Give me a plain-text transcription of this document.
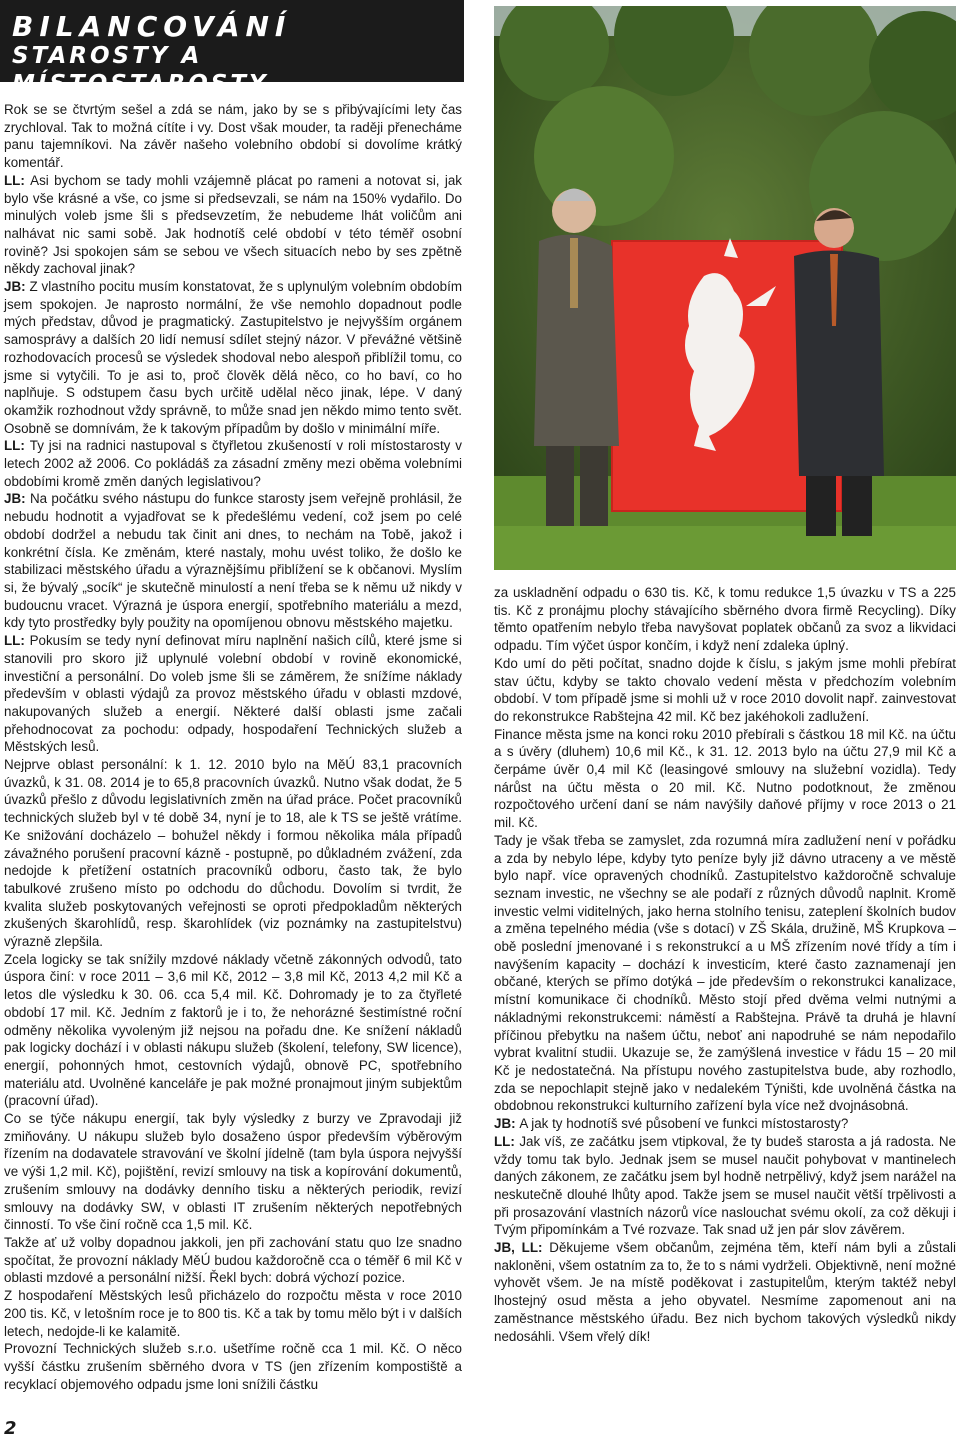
BILANCOVÁNÍ
STAROSTY A MÍSTOSTAROSTY

Rok se se čtvrtým sešel a zdá se nám, jako by se s přibývajícími lety čas zrychloval. Tak to možná cítíte i vy. Dost však mouder, ta raději přenecháme panu tajemníkovi. Na závěr našeho volebního období si dovolíme krátký komentář.

LL: Asi bychom se tady mohli vzájemně plácat po rameni a notovat si, jak bylo vše krásné a vše, co jsme si předsevzali, se nám na 150% vydařilo. Do minulých voleb jsme šli s předsevzetím, že nebudeme lhát voličům ani nalhávat nic sami sobě. Jak hodnotíš celé období v této téměř osobní rovině? Jsi spokojen sám se sebou ve všech situacích nebo by ses zpětně někdy zachoval jinak?

JB: Z vlastního pocitu musím konstatovat, že s uplynulým volebním obdobím jsem spokojen. Je naprosto normální, že vše nemohlo dopadnout podle mých představ, důvod je pragmatický. Zastupitelstvo je nejvyšším orgánem samosprávy a dalších 20 lidí nemusí sdílet stejný názor. V převážné většině rozhodovacích procesů se výsledek shodoval nebo alespoň přiblížil tomu, co jsme si vytyčili. To je asi to, proč člověk dělá něco, co ho baví, co ho naplňuje. S odstupem času bych určitě udělal něco jinak, lépe. V daný okamžik rozhodnout vždy správně, to může snad jen někdo mimo tento svět. Osobně se domnívám, že k takovým případům by došlo v minimální míře.

LL: Ty jsi na radnici nastupoval s čtyřletou zkušeností v roli místostarosty v letech 2002 až 2006. Co pokládáš za zásadní změny mezi oběma volebními obdobími kromě změn daných legislativou?

JB: Na počátku svého nástupu do funkce starosty jsem veřejně prohlásil, že nebudu hodnotit a vyjadřovat se k předešlému vedení, což jsem po celé období dodržel a nebudu tak činit ani dnes, to nechám na Tobě, jakož i konkrétní čísla. Ke změnám, které nastaly, mohu uvést toliko, že došlo ke stabilizaci městského úřadu a výraznějšímu přiblížení se k občanovi. Myslím si, že bývalý „socík“ je skutečně minulostí a není třeba se k němu už nikdy v budoucnu vracet. Výrazná je úspora energií, spotřebního materiálu a mezd, kdy tyto prostředky byly použity na opomíjenou obnovu městského majetku.

LL: Pokusím se tedy nyní definovat míru naplnění našich cílů, které jsme si stanovili pro skoro již uplynulé volební období v rovině ekonomické, investiční a personální. Do voleb jsme šli se záměrem, že snížíme náklady především v oblasti výdajů za provoz městského úřadu v oblasti mzdové, nakupovaných služeb a energií. Některé další oblasti jsme začali přehodnocovat za pochodu: odpady, hospodaření Technických služeb a Městských lesů.

Nejprve oblast personální: k 1. 12. 2010 bylo na MěÚ 83,1 pracovních úvazků, k 31. 08. 2014 je to 65,8 pracovních úvazků. Nutno však dodat, že 5 úvazků přešlo z důvodu legislativních změn na úřad práce. Počet pracovníků technických služeb byl v té době 34, nyní je to 18, ale k TS se ještě vrátíme. Ke snižování docházelo – bohužel někdy i formou několika mála případů závažného porušení pracovní kázně - postupně, po důkladném zvážení, zda nedojde k přetížení ostatních pracovníků odboru, často tak, že bylo tabulkové zrušeno místo po odchodu do důchodu. Dovolím si tvrdit, že kvalita služeb poskytovaných veřejnosti se oproti předpokladům některých zkušených škarohlídů, resp. škarohlídek (viz poznámky na zastupitelstvu) výrazně zlepšila.

Zcela logicky se tak snížily mzdové náklady včetně zákonných odvodů, tato úspora činí: v roce 2011 – 3,6 mil Kč, 2012 – 3,8 mil Kč, 2013 4,2 mil Kč a letos dle výsledku k 30. 06. cca 5,4 mil. Kč. Dohromady je to za čtyřleté období 17 mil. Kč. Jedním z faktorů je i to, že nehorázné šestimístné roční odměny několika vyvoleným již nejsou na pořadu dne. Ke snížení nákladů pak logicky dochází i v oblasti nákupu služeb (školení, telefony, SW licence), energií, pohonných hmot, cestovních výdajů, obnově PC, spotřebního materiálu atd. Uvolněné kanceláře je pak možné pronajmout jiným subjektům (pracovní úřad).

Co se týče nákupu energií, tak byly výsledky z burzy ve Zpravodaji již zmiňovány. U nákupu služeb bylo dosaženo úspor především výběrovým řízením na dodavatele stravování ve školní jídelně (tam byla úspora nejvyšší ve výši 1,2 mil. Kč), pojištění, revizí smlouvy na tisk a kopírování dokumentů, zrušením smlouvy na dodávky denního tisku a některých periodik, revizí smlouvy na dodávky SW, v oblasti IT zrušením některých nepotřebných činností. To vše činí ročně cca 1,5 mil. Kč.

Takže ať už volby dopadnou jakkoli, jen při zachování statu quo lze snadno spočítat, že provozní náklady MěÚ budou každoročně cca o téměř 6 mil Kč v oblasti mzdové a personální nižší. Řekl bych: dobrá výchozí pozice.

Z hospodaření Městských lesů přicházelo do rozpočtu města v roce 2010 200 tis. Kč, v letošním roce je to 800 tis. Kč a tak by tomu mělo být i v dalších letech, nedojde-li ke kalamitě.

Provozní Technických služeb s.r.o. ušetříme ročně cca 1 mil. Kč. O něco vyšší částku zrušením sběrného dvora v TS (jen zřízením kompostiště a recyklací objemového odpadu jsme loni snížili částku

za uskladnění odpadu o 630 tis. Kč, k tomu redukce 1,5 úvazku v TS a 225 tis. Kč z pronájmu plochy stávajícího sběrného dvora firmě Recycling). Díky těmto opatřením nebylo třeba navyšovat poplatek občanů za svoz a likvidaci odpadu. Tím výčet úspor končím, i když není zdaleka úplný.

Kdo umí do pěti počítat, snadno dojde k číslu, s jakým jsme mohli přebírat stav účtu, kdyby se takto chovalo vedení města v předchozím volebním období. V tom případě jsme si mohli už v roce 2010 dovolit např. zainvestovat do rekonstrukce Rabštejna 42 mil. Kč bez jakéhokoli zadlužení.

Finance města jsme na konci roku 2010 přebírali s částkou 18 mil Kč. na účtu a s úvěry (dluhem) 10,6 mil Kč., k 31. 12. 2013 bylo na účtu 27,9 mil Kč a čerpáme úvěr 0,4 mil Kč (leasingové smlouvy na služební vozidla). Tedy nárůst na účtu města o 20 mil. Kč. Nutno podotknout, že změnou rozpočtového určení daní se nám navýšily daňové příjmy v roce 2013 o 21 mil. Kč.

Tady je však třeba se zamyslet, zda rozumná míra zadlužení není v pořádku a zda by nebylo lépe, kdyby tyto peníze byly již dávno utraceny a ve městě bylo např. více opravených chodníků. Zastupitelstvo každoročně schvaluje seznam investic, ne všechny se ale podaří z různých důvodů naplnit. Kromě investic velmi viditelných, jako herna stolního tenisu, zateplení školních budov a změna tepelného média (vše s dotací) v ZŠ Skála, družině, MŠ Krupkova – obě poslední jmenované i s rekonstrukcí a u MŠ zřízením nové třídy a tím i navýšením kapacity – dochází k investicím, které často zaznamenají jen občané, kterých se přímo dotýká – jde především o rekonstrukci kanalizace, místní komunikace či chodníků. Město stojí před dvěma velmi nutnými a nákladnými rekonstrukcemi: náměstí a Rabštejna. Právě ta druhá je hlavní příčinou přebytku na našem účtu, neboť ani napodruhé se nám nepodařilo vybrat kvalitní studii. Ukazuje se, že zamýšlená investice v řádu 15 – 20 mil Kč je nedostatečná. Na přístupu nového zastupitelstva bude, aby rozhodlo, zda se nepochlapit stejně jako v nedalekém Týništi, kde uvolněná částka na obdobnou rekonstrukci kulturního zařízení byla více než dvojnásobná.

JB: A jak ty hodnotíš své působení ve funkci místostarosty?

LL: Jak víš, ze začátku jsem vtipkoval, že ty budeš starosta a já radosta. Ne vždy tomu tak bylo. Jednak jsem se musel naučit pohybovat v mantinelech daných zákonem, ze začátku jsem byl hodně netrpělivý, když jsem narážel na neskutečně dlouhé lhůty apod. Takže jsem se musel naučit větší trpělivosti a při prosazování vlastních názorů více naslouchat svému okolí, za což děkuji i Tvým připomínkám a Tvé rozvaze. Tak snad už jen pár slov závěrem.

JB, LL: Děkujeme všem občanům, zejména těm, kteří nám byli a zůstali nakloněni, všem ostatním za to, že to s námi vydrželi. Objektivně, není možné vyhovět všem. Je na místě poděkovat i zastupitelům, kterým taktéž nebyl lhostejný osud města a jeho obyvatel. Nesmíme zapomenout ani na zaměstnance městského úřadu. Bez nich bychom takových výsledků nikdy nedosáhli. Všem vřelý dík!

2
